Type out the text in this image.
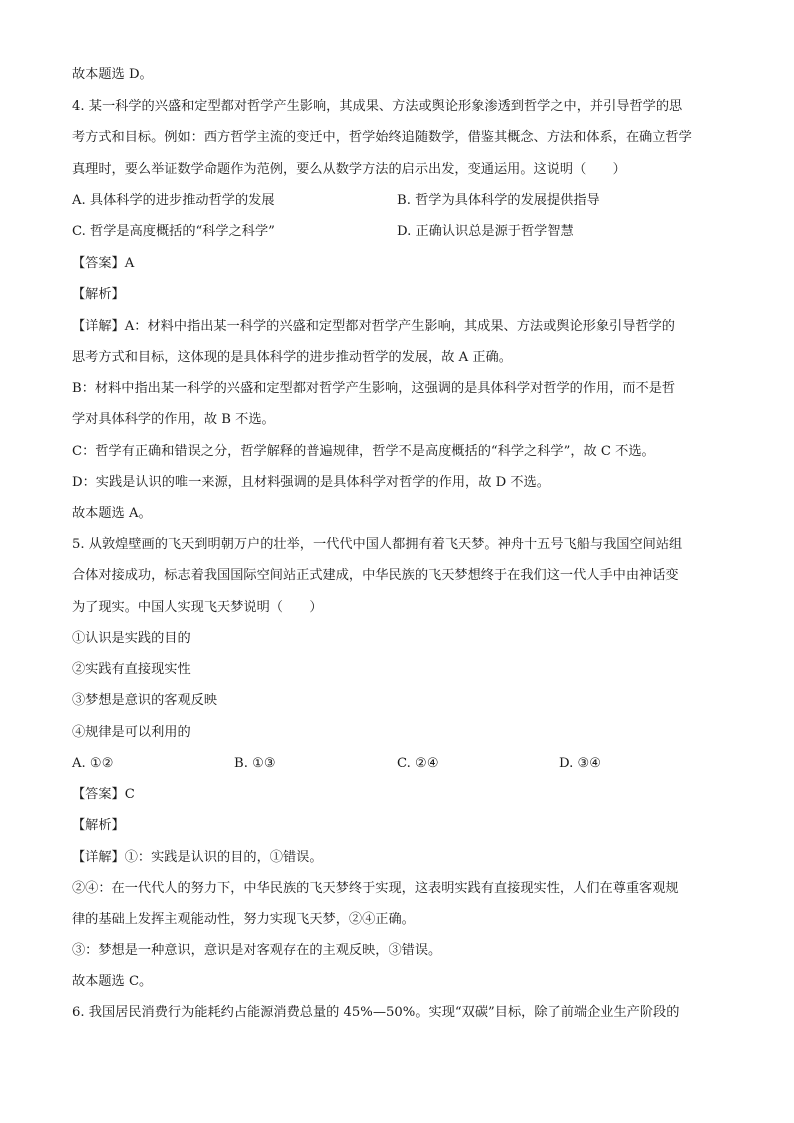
故本题选 D。
4. 某一科学的兴盛和定型都对哲学产生影响，其成果、方法或舆论形象渗透到哲学之中，并引导哲学的思
考方式和目标。例如：西方哲学主流的变迁中，哲学始终追随数学，借鉴其概念、方法和体系，在确立哲学
真理时，要么举证数学命题作为范例，要么从数学方法的启示出发，变通运用。这说明（　　）
A. 具体科学的进步推动哲学的发展	B. 哲学为具体科学的发展提供指导
C. 哲学是高度概括的“科学之科学”	D. 正确认识总是源于哲学智慧
【答案】A
【解析】
【详解】A：材料中指出某一科学的兴盛和定型都对哲学产生影响，其成果、方法或舆论形象引导哲学的
思考方式和目标，这体现的是具体科学的进步推动哲学的发展，故 A 正确。
B：材料中指出某一科学的兴盛和定型都对哲学产生影响，这强调的是具体科学对哲学的作用，而不是哲
学对具体科学的作用，故 B 不选。
C：哲学有正确和错误之分，哲学解释的普遍规律，哲学不是高度概括的“科学之科学”，故 C 不选。
D：实践是认识的唯一来源，且材料强调的是具体科学对哲学的作用，故 D 不选。
故本题选 A。
5. 从敦煌壁画的飞天到明朝万户的壮举，一代代中国人都拥有着飞天梦。神舟十五号飞船与我国空间站组
合体对接成功，标志着我国国际空间站正式建成，中华民族的飞天梦想终于在我们这一代人手中由神话变
为了现实。中国人实现飞天梦说明（　　）
①认识是实践的目的
②实践有直接现实性
③梦想是意识的客观反映
④规律是可以利用的
A. ①②	B. ①③	C. ②④	D. ③④
【答案】C
【解析】
【详解】①：实践是认识的目的，①错误。
②④：在一代代人的努力下，中华民族的飞天梦终于实现，这表明实践有直接现实性，人们在尊重客观规
律的基础上发挥主观能动性，努力实现飞天梦，②④正确。
③：梦想是一种意识，意识是对客观存在的主观反映，③错误。
故本题选 C。
6. 我国居民消费行为能耗约占能源消费总量的 45%—50%。实现“双碳”目标，除了前端企业生产阶段的
